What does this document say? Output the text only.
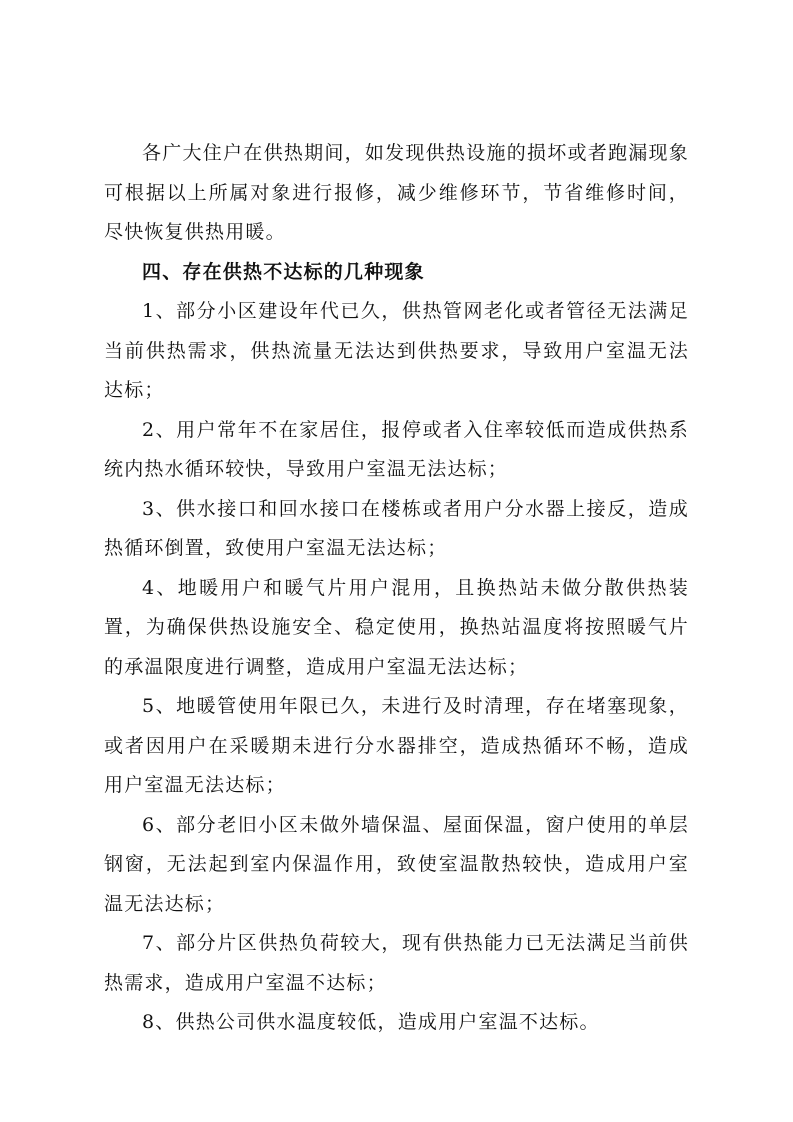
各广大住户在供热期间，如发现供热设施的损坏或者跑漏现象可根据以上所属对象进行报修，减少维修环节，节省维修时间，尽快恢复供热用暖。

四、存在供热不达标的几种现象

1、部分小区建设年代已久，供热管网老化或者管径无法满足当前供热需求，供热流量无法达到供热要求，导致用户室温无法达标；

2、用户常年不在家居住，报停或者入住率较低而造成供热系统内热水循环较快，导致用户室温无法达标；

3、供水接口和回水接口在楼栋或者用户分水器上接反，造成热循环倒置，致使用户室温无法达标；

4、地暖用户和暖气片用户混用，且换热站未做分散供热装置，为确保供热设施安全、稳定使用，换热站温度将按照暖气片的承温限度进行调整，造成用户室温无法达标；

5、地暖管使用年限已久，未进行及时清理，存在堵塞现象，或者因用户在采暖期未进行分水器排空，造成热循环不畅，造成用户室温无法达标；

6、部分老旧小区未做外墙保温、屋面保温，窗户使用的单层钢窗，无法起到室内保温作用，致使室温散热较快，造成用户室温无法达标；

7、部分片区供热负荷较大，现有供热能力已无法满足当前供热需求，造成用户室温不达标；

8、供热公司供水温度较低，造成用户室温不达标。
